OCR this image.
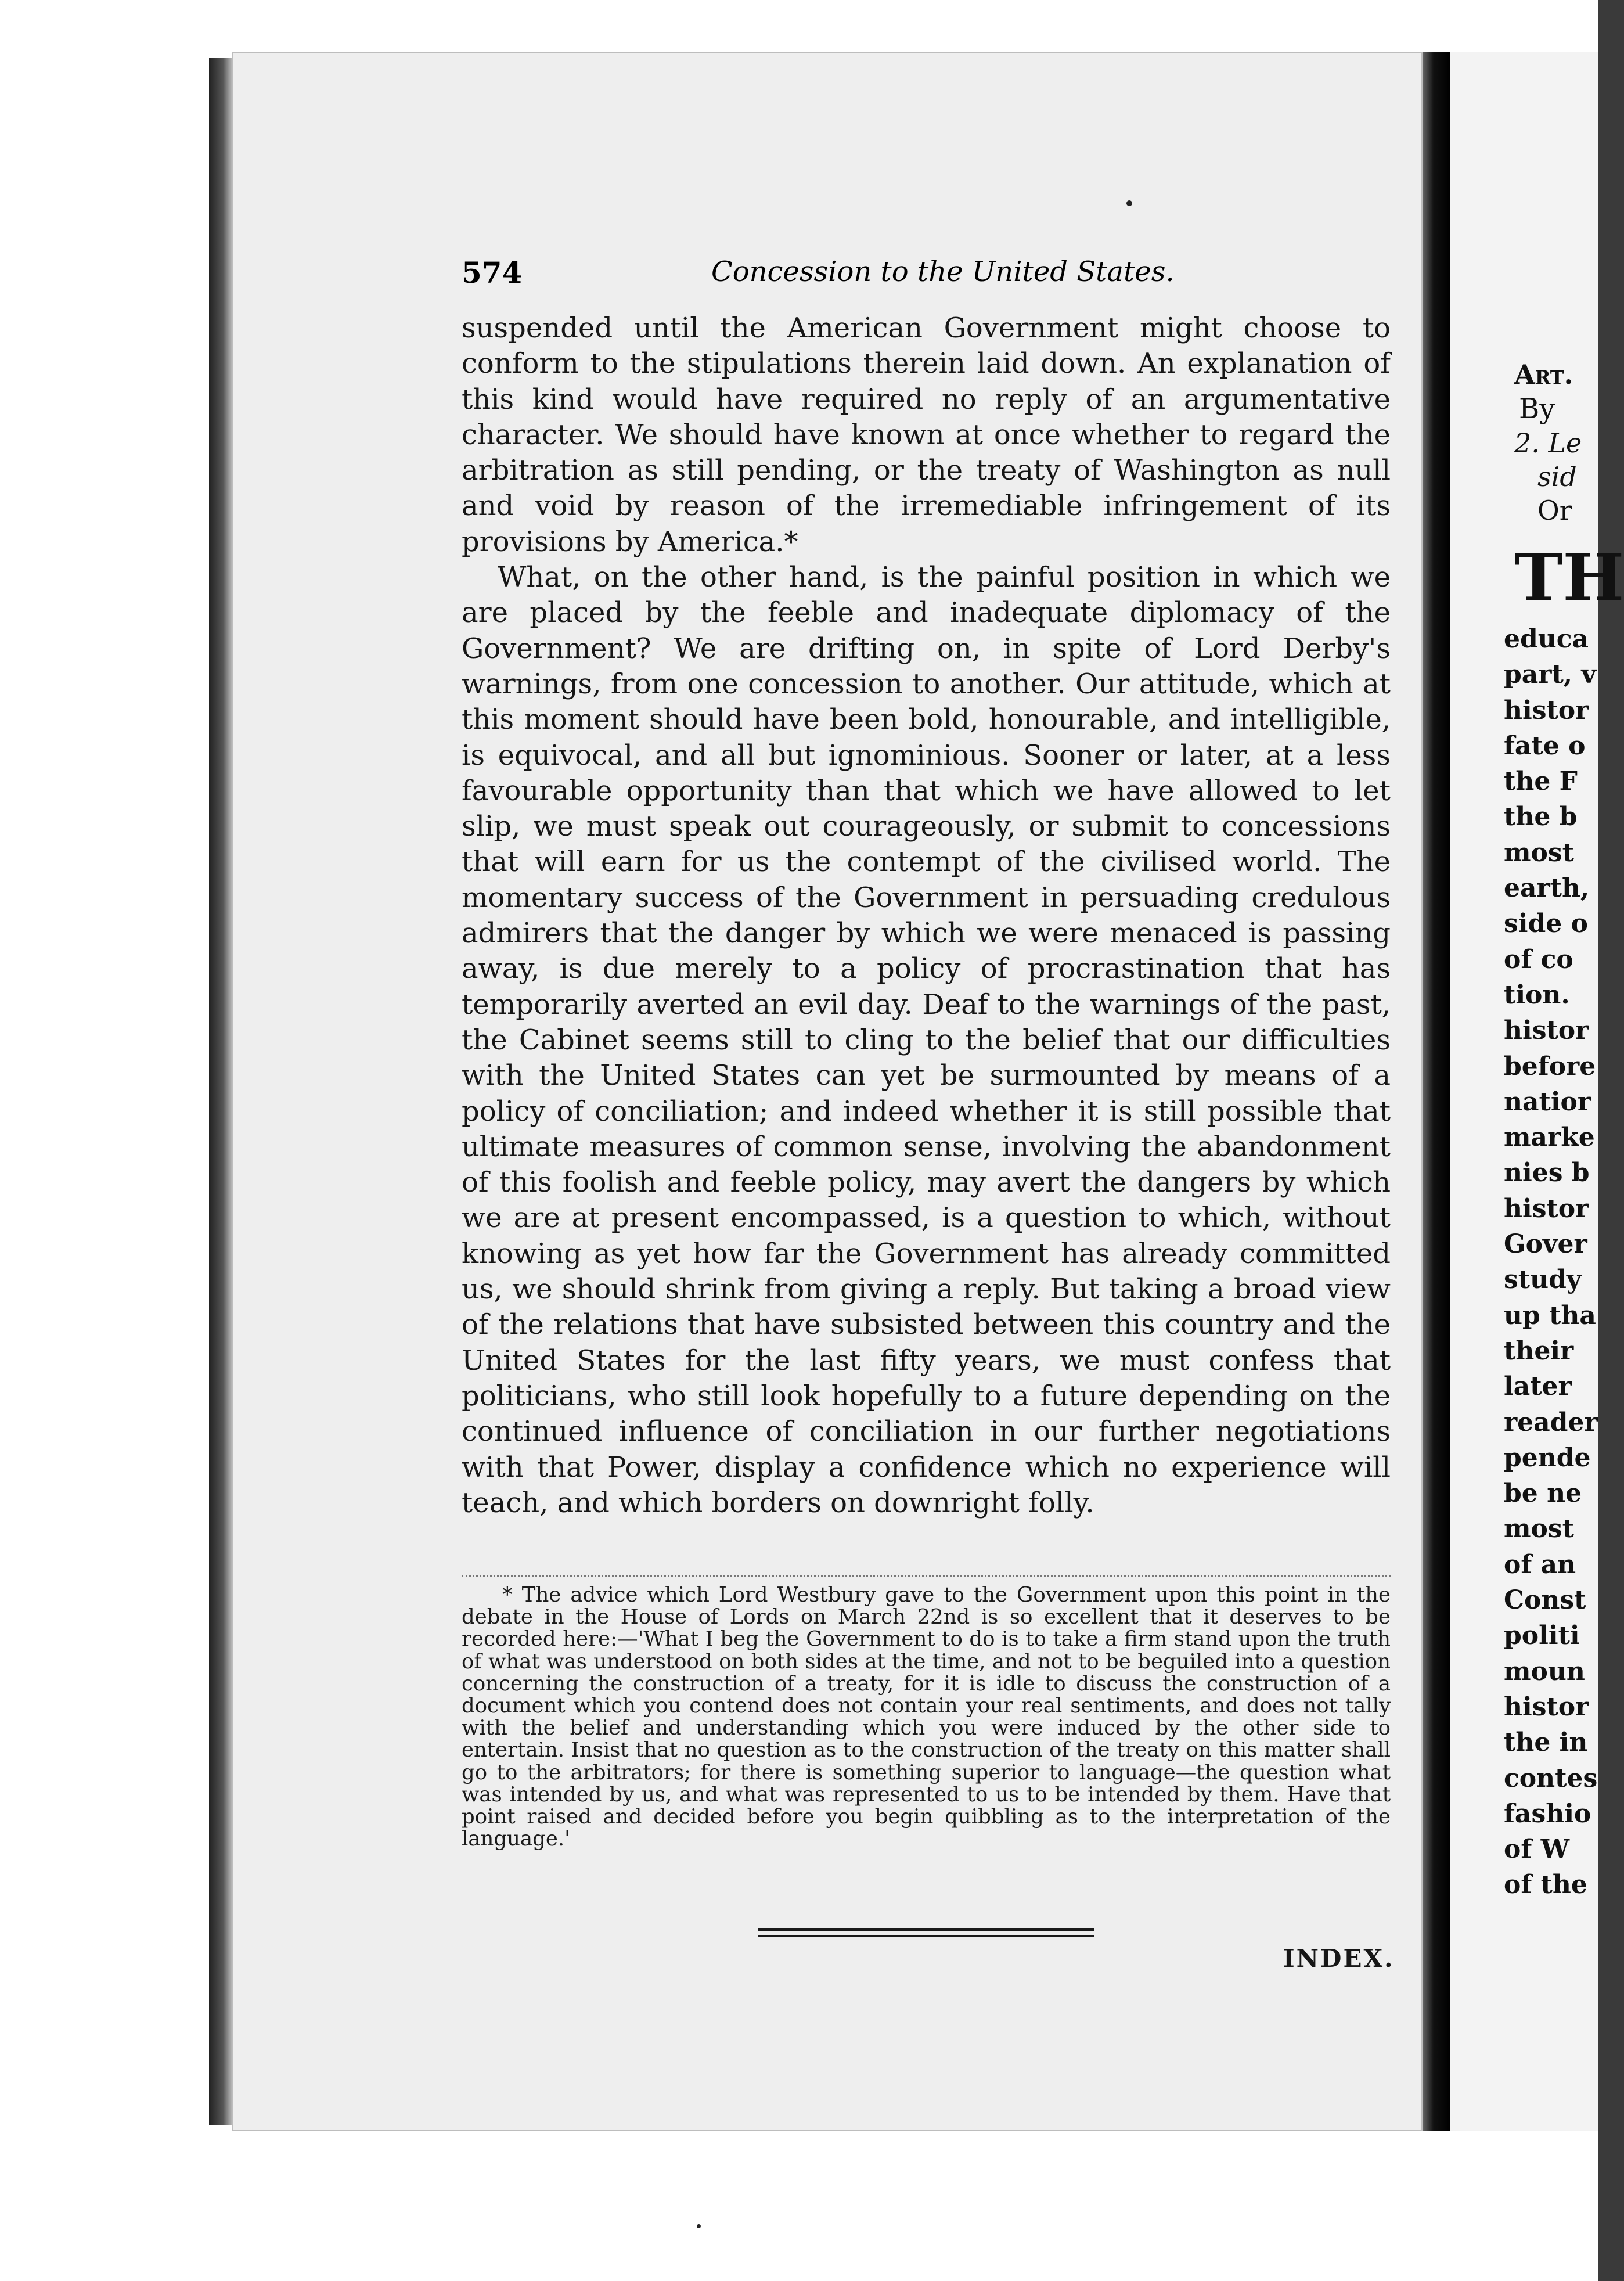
574	Concession to the United States.

suspended until the American Government might choose to conform to the stipulations therein laid down. An explanation of this kind would have required no reply of an argumentative character. We should have known at once whether to regard the arbitration as still pending, or the treaty of Washington as null and void by reason of the irremediable infringement of its provisions by America.*

What, on the other hand, is the painful position in which we are placed by the feeble and inadequate diplomacy of the Government? We are drifting on, in spite of Lord Derby's warnings, from one concession to another. Our attitude, which at this moment should have been bold, honourable, and intelligible, is equivocal, and all but ignominious. Sooner or later, at a less favourable opportunity than that which we have allowed to let slip, we must speak out courageously, or submit to concessions that will earn for us the contempt of the civilised world. The momentary success of the Government in persuading credulous admirers that the danger by which we were menaced is passing away, is due merely to a policy of procrastination that has temporarily averted an evil day. Deaf to the warnings of the past, the Cabinet seems still to cling to the belief that our difficulties with the United States can yet be surmounted by means of a policy of conciliation; and indeed whether it is still possible that ultimate measures of common sense, involving the abandonment of this foolish and feeble policy, may avert the dangers by which we are at present encompassed, is a question to which, without knowing as yet how far the Government has already committed us, we should shrink from giving a reply. But taking a broad view of the relations that have subsisted between this country and the United States for the last fifty years, we must confess that politicians, who still look hopefully to a future depending on the continued influence of conciliation in our further negotiations with that Power, display a confidence which no experience will teach, and which borders on downright folly.

* The advice which Lord Westbury gave to the Government upon this point in the debate in the House of Lords on March 22nd is so excellent that it deserves to be recorded here:—'What I beg the Government to do is to take a firm stand upon the truth of what was understood on both sides at the time, and not to be beguiled into a question concerning the construction of a treaty, for it is idle to discuss the construction of a document which you contend does not contain your real sentiments, and does not tally with the belief and understanding which you were induced by the other side to entertain. Insist that no question as to the construction of the treaty on this matter shall go to the arbitrators; for there is something superior to language—the question what was intended by us, and what was represented to us to be intended by them. Have that point raised and decided before you begin quibbling as to the interpretation of the language.'
INDEX.
Art.
By
2. Le
sid
Or
TH
educa
part, v
histor
fate o
the F
the b
most
earth,
side o
of co
tion.
histor
before
natior
marke
nies b
histor
Gover
study
up tha
their
later
reader
pende
be ne
most
of an
Const
politi
moun
histor
the in
contes
fashio
of W
of the
